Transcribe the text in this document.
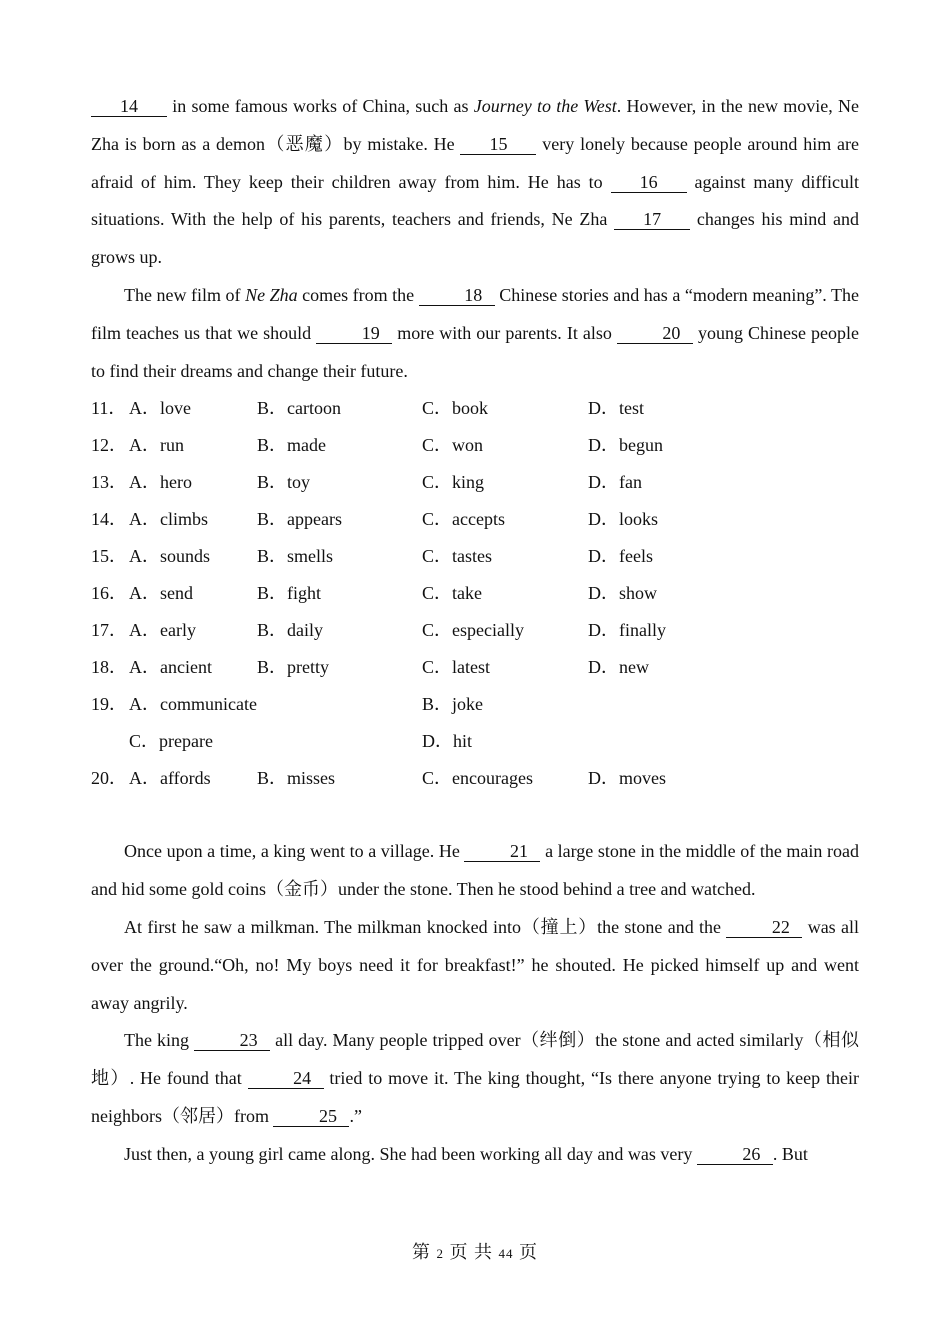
14 in some famous works of China, such as Journey to the West. However, in the new movie, Ne Zha is born as a demon（恶魔）by mistake. He 15 very lonely because people around him are afraid of him. They keep their children away from him. He has to 16 against many difficult situations. With the help of his parents, teachers and friends, Ne Zha 17 changes his mind and grows up.

The new film of Ne Zha comes from the	18 Chinese stories and has a “modern meaning”. The film teaches us that we should	19 more with our parents. It also	20 young Chinese people to find their dreams and change their future.

11． A．love	B．cartoon	C．book	D．test
12． A．run	B．made	C．won	D．begun
13． A．hero	B．toy	C．king	D．fan
14． A．climbs	B．appears	C．accepts	D．looks
15． A．sounds	B．smells	C．tastes	D．feels
16． A．send	B．fight	C．take	D．show
17． A．early	B．daily	C．especially	D．finally
18． A．ancient	B．pretty	C．latest	D．new
19． A．communicate	B．joke
C．prepare	D．hit
20． A．affords	B．misses	C．encourages	D．moves

Once upon a time, a king went to a village. He	21 a large stone in the middle of the main road and hid some gold coins（金币）under the stone. Then he stood behind a tree and watched.

At first he saw a milkman. The milkman knocked into（撞上）the stone and the	22 was all over the ground.“Oh, no! My boys need it for breakfast!” he shouted. He picked himself up and went away angrily.

The king	23 all day. Many people tripped over（绊倒）the stone and acted similarly（相似地）. He found that	24 tried to move it. The king thought, “Is there anyone trying to keep their neighbors（邻居）from	25 .”

Just then, a young girl came along. She had been working all day and was very	26 . But

第 2 页 共 44 页
